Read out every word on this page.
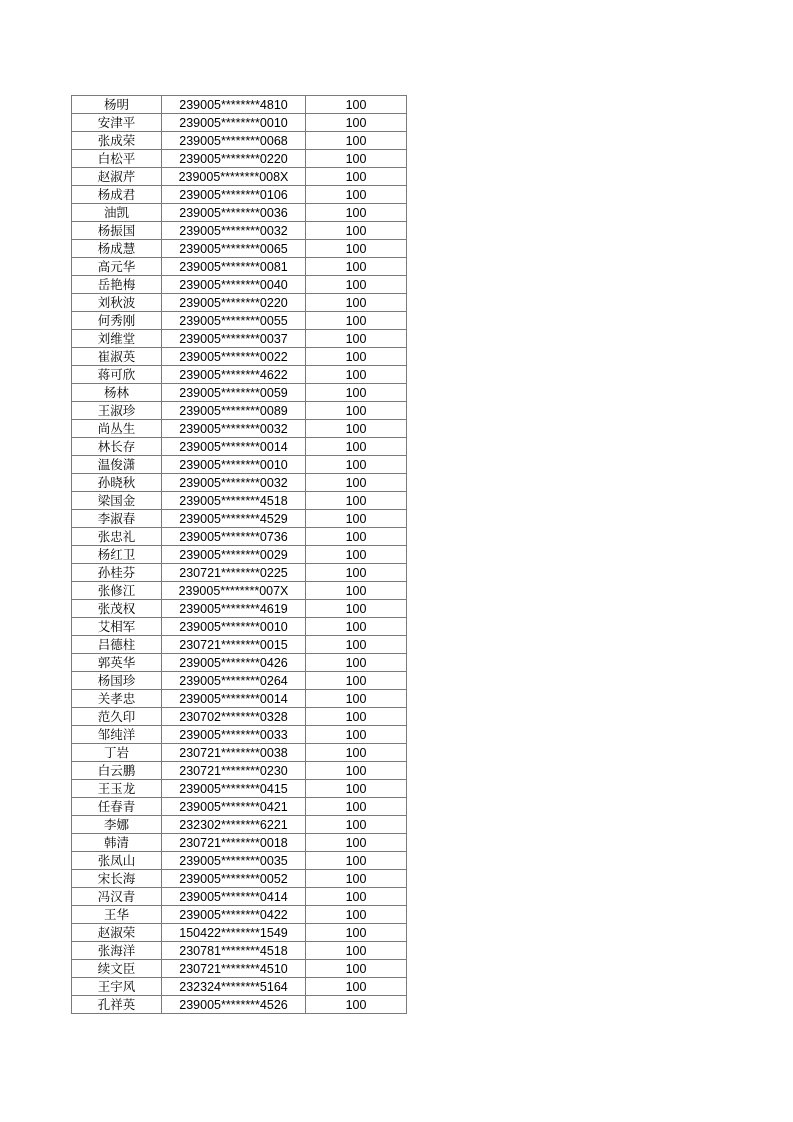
杨明	239005********4810	100
安津平	239005********0010	100
张成荣	239005********0068	100
白松平	239005********0220	100
赵淑芹	239005********008X	100
杨成君	239005********0106	100
油凯	239005********0036	100
杨振国	239005********0032	100
杨成慧	239005********0065	100
高元华	239005********0081	100
岳艳梅	239005********0040	100
刘秋波	239005********0220	100
何秀刚	239005********0055	100
刘维堂	239005********0037	100
崔淑英	239005********0022	100
蒋可欣	239005********4622	100
杨林	239005********0059	100
王淑珍	239005********0089	100
尚丛生	239005********0032	100
林长存	239005********0014	100
温俊潇	239005********0010	100
孙晓秋	239005********0032	100
梁国金	239005********4518	100
李淑春	239005********4529	100
张忠礼	239005********0736	100
杨红卫	239005********0029	100
孙桂芬	230721********0225	100
张修江	239005********007X	100
张茂权	239005********4619	100
艾相军	239005********0010	100
吕德柱	230721********0015	100
郭英华	239005********0426	100
杨国珍	239005********0264	100
关孝忠	239005********0014	100
范久印	230702********0328	100
邹纯洋	239005********0033	100
丁岩	230721********0038	100
白云鹏	230721********0230	100
王玉龙	239005********0415	100
任春青	239005********0421	100
李娜	232302********6221	100
韩清	230721********0018	100
张凤山	239005********0035	100
宋长海	239005********0052	100
冯汉青	239005********0414	100
王华	239005********0422	100
赵淑荣	150422********1549	100
张海洋	230781********4518	100
续文臣	230721********4510	100
王宇风	232324********5164	100
孔祥英	239005********4526	100
